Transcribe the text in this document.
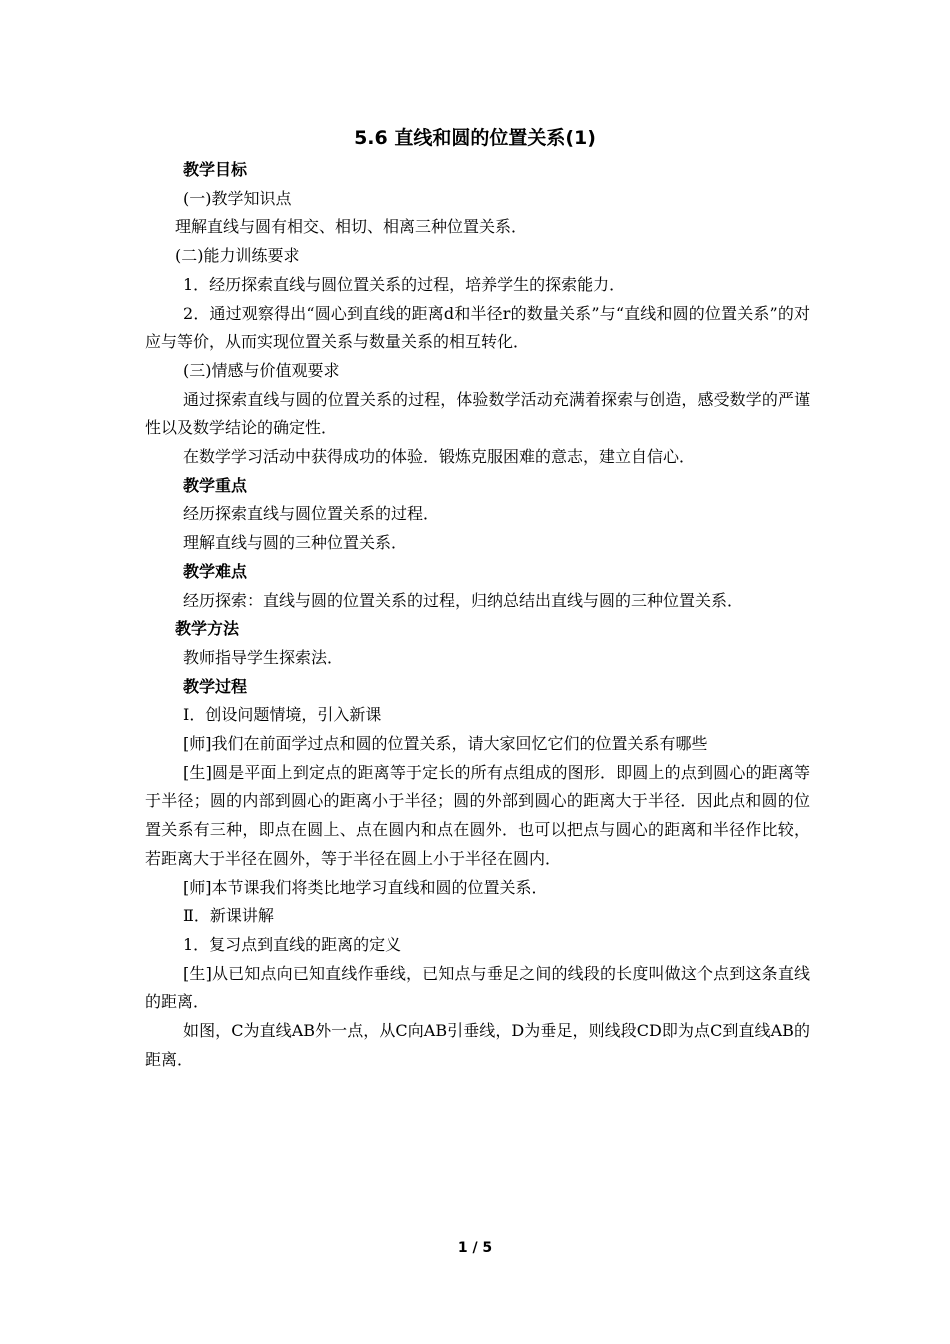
5.6 直线和圆的位置关系(1)

教学目标

(一)教学知识点

理解直线与圆有相交、相切、相离三种位置关系．

(二)能力训练要求

1．经历探索直线与圆位置关系的过程，培养学生的探索能力．

2．通过观察得出“圆心到直线的距离d和半径r的数量关系”与“直线和圆的位置关系”的对应与等价，从而实现位置关系与数量关系的相互转化．

(三)情感与价值观要求

通过探索直线与圆的位置关系的过程，体验数学活动充满着探索与创造，感受数学的严谨性以及数学结论的确定性．

在数学学习活动中获得成功的体验．锻炼克服困难的意志，建立自信心．

教学重点

经历探索直线与圆位置关系的过程．

理解直线与圆的三种位置关系．

教学难点

经历探索：直线与圆的位置关系的过程，归纳总结出直线与圆的三种位置关系．

教学方法

教师指导学生探索法．

教学过程

Ⅰ．创设问题情境，引入新课

[师]我们在前面学过点和圆的位置关系，请大家回忆它们的位置关系有哪些

[生]圆是平面上到定点的距离等于定长的所有点组成的图形．即圆上的点到圆心的距离等于半径；圆的内部到圆心的距离小于半径；圆的外部到圆心的距离大于半径．因此点和圆的位置关系有三种，即点在圆上、点在圆内和点在圆外．也可以把点与圆心的距离和半径作比较，若距离大于半径在圆外，等于半径在圆上小于半径在圆内．

[师]本节课我们将类比地学习直线和圆的位置关系．

Ⅱ．新课讲解

1．复习点到直线的距离的定义

[生]从已知点向已知直线作垂线，已知点与垂足之间的线段的长度叫做这个点到这条直线的距离．

如图，C为直线AB外一点，从C向AB引垂线，D为垂足，则线段CD即为点C到直线AB的距离．

1 / 5
